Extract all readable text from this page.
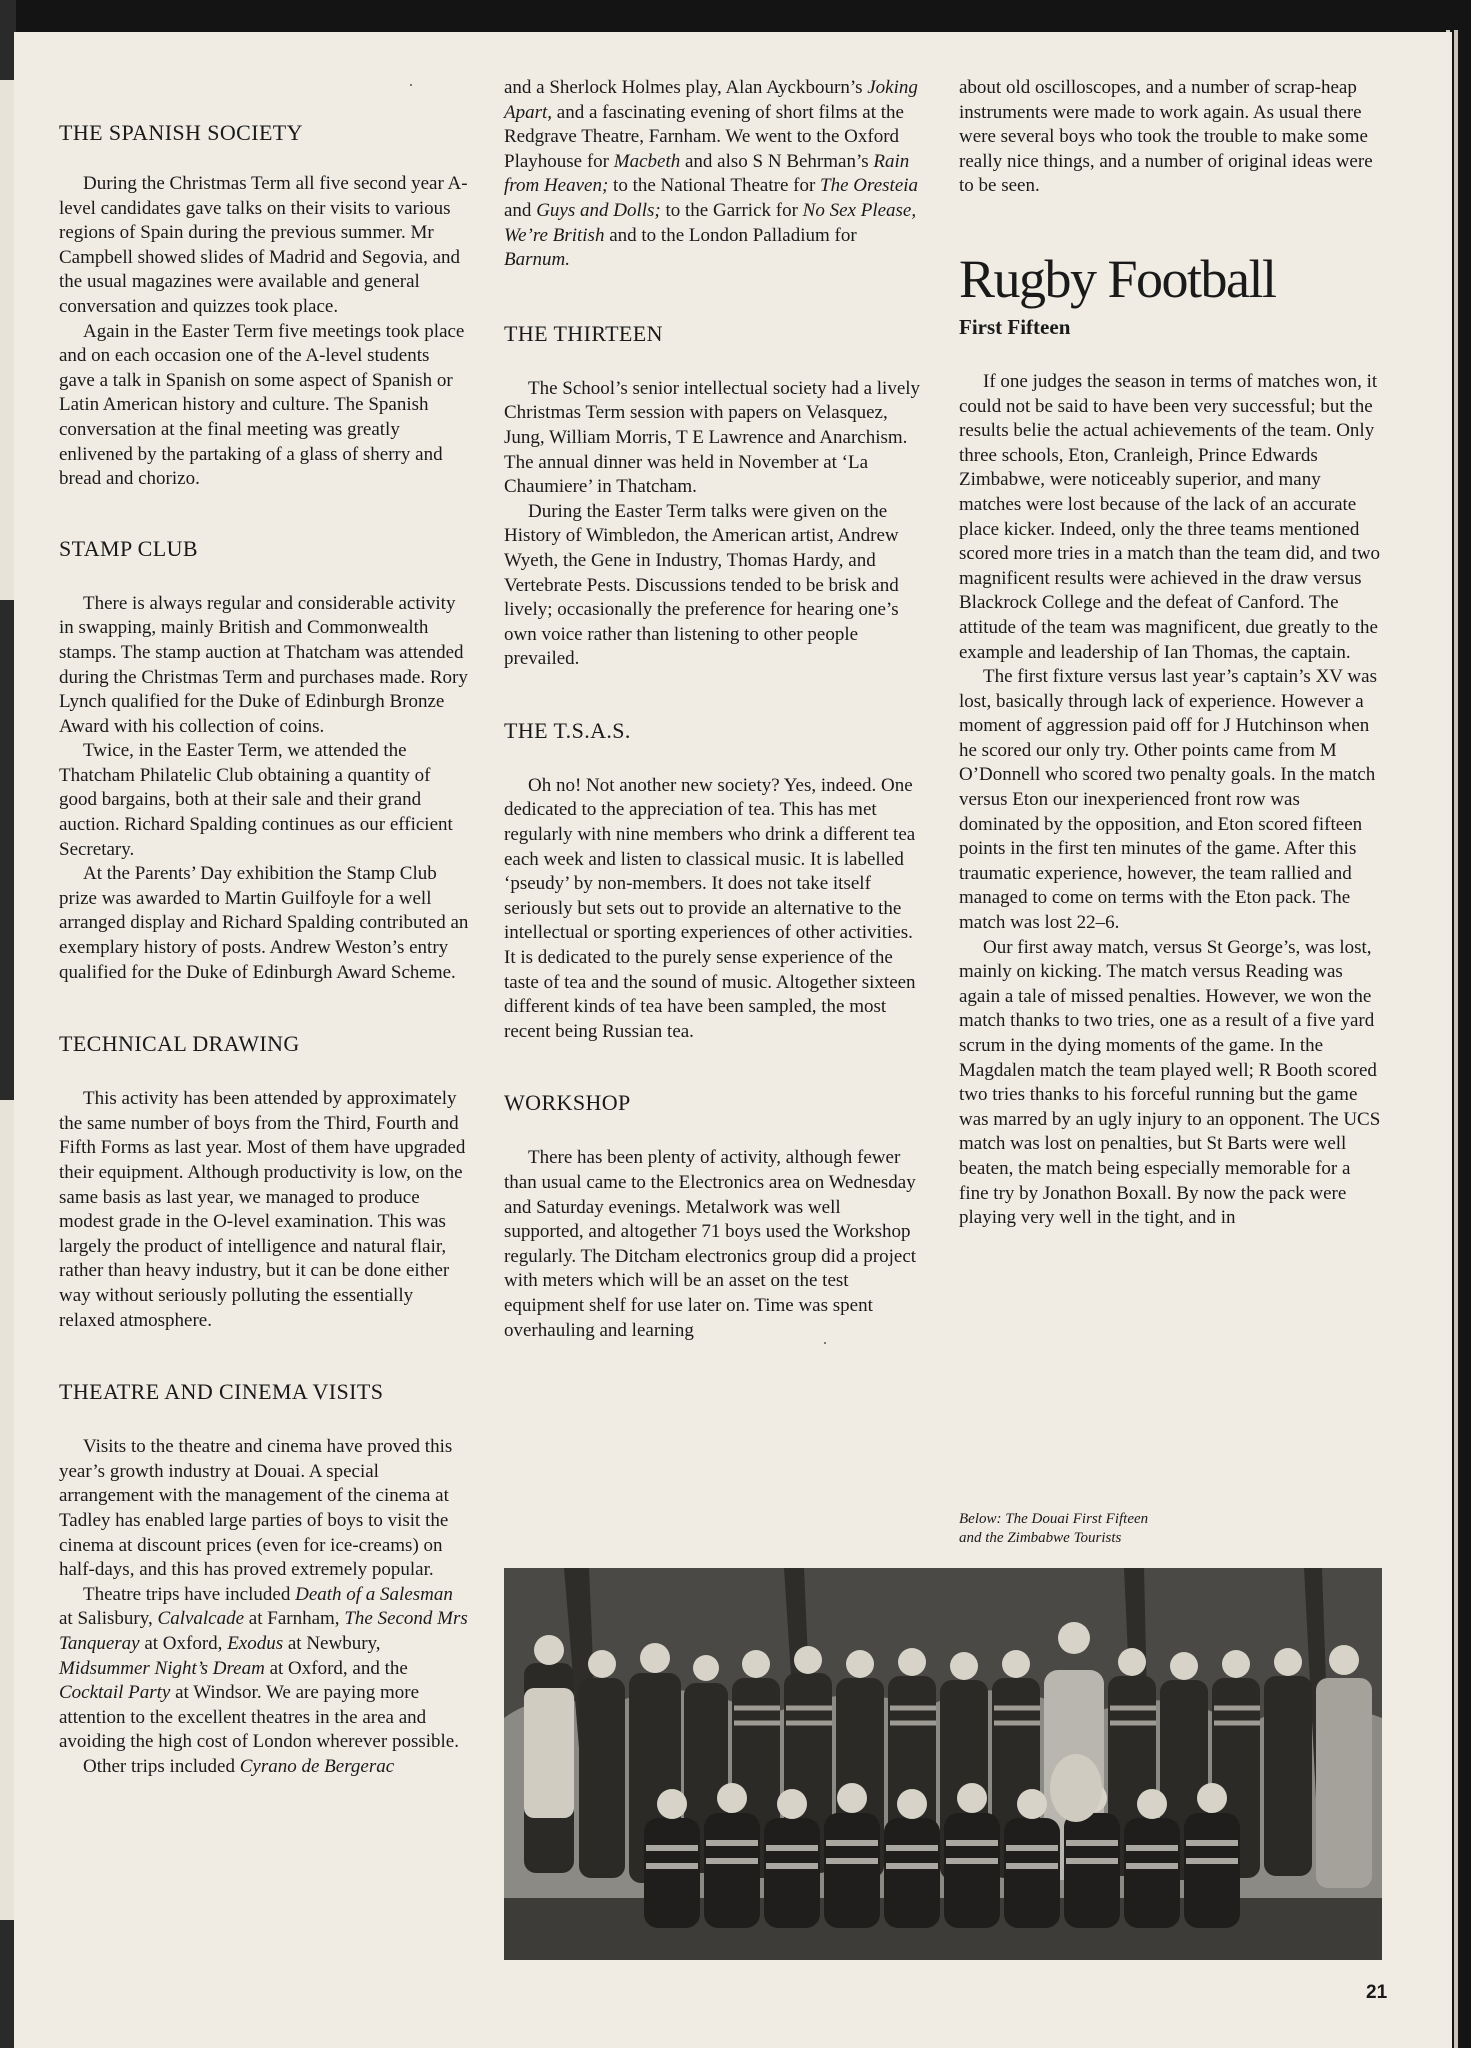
THE SPANISH SOCIETY

During the Christmas Term all five second year A-level candidates gave talks on their visits to various regions of Spain during the previous summer. Mr Campbell showed slides of Madrid and Segovia, and the usual magazines were available and general conversation and quizzes took place.

Again in the Easter Term five meetings took place and on each occasion one of the A-level students gave a talk in Spanish on some aspect of Spanish or Latin American history and culture. The Spanish conversation at the final meeting was greatly enlivened by the partaking of a glass of sherry and bread and chorizo.

STAMP CLUB

There is always regular and considerable activity in swapping, mainly British and Commonwealth stamps. The stamp auction at Thatcham was attended during the Christmas Term and purchases made. Rory Lynch qualified for the Duke of Edinburgh Bronze Award with his collection of coins.

Twice, in the Easter Term, we attended the Thatcham Philatelic Club obtaining a quantity of good bargains, both at their sale and their grand auction. Richard Spalding continues as our efficient Secretary.

At the Parents’ Day exhibition the Stamp Club prize was awarded to Martin Guilfoyle for a well arranged display and Richard Spalding contributed an exemplary history of posts. Andrew Weston’s entry qualified for the Duke of Edinburgh Award Scheme.

TECHNICAL DRAWING

This activity has been attended by approximately the same number of boys from the Third, Fourth and Fifth Forms as last year. Most of them have upgraded their equipment. Although productivity is low, on the same basis as last year, we managed to produce modest grade in the O-level examination. This was largely the product of intelligence and natural flair, rather than heavy industry, but it can be done either way without seriously polluting the essentially relaxed atmosphere.

THEATRE AND CINEMA VISITS

Visits to the theatre and cinema have proved this year’s growth industry at Douai. A special arrangement with the management of the cinema at Tadley has enabled large parties of boys to visit the cinema at discount prices (even for ice-creams) on half-days, and this has proved extremely popular.

Theatre trips have included Death of a Salesman at Salisbury, Calvalcade at Farnham, The Second Mrs Tanqueray at Oxford, Exodus at Newbury, Midsummer Night’s Dream at Oxford, and the Cocktail Party at Windsor. We are paying more attention to the excellent theatres in the area and avoiding the high cost of London wherever possible.

Other trips included Cyrano de Bergerac

and a Sherlock Holmes play, Alan Ayckbourn’s Joking Apart, and a fascinating evening of short films at the Redgrave Theatre, Farnham. We went to the Oxford Playhouse for Macbeth and also S N Behrman’s Rain from Heaven; to the National Theatre for The Oresteia and Guys and Dolls; to the Garrick for No Sex Please, We’re British and to the London Palladium for Barnum.

THE THIRTEEN

The School’s senior intellectual society had a lively Christmas Term session with papers on Velasquez, Jung, William Morris, T E Lawrence and Anarchism. The annual dinner was held in November at ‘La Chaumiere’ in Thatcham.

During the Easter Term talks were given on the History of Wimbledon, the American artist, Andrew Wyeth, the Gene in Industry, Thomas Hardy, and Vertebrate Pests. Discussions tended to be brisk and lively; occasionally the preference for hearing one’s own voice rather than listening to other people prevailed.

THE T.S.A.S.

Oh no! Not another new society? Yes, indeed. One dedicated to the appreciation of tea. This has met regularly with nine members who drink a different tea each week and listen to classical music. It is labelled ‘pseudy’ by non-members. It does not take itself seriously but sets out to provide an alternative to the intellectual or sporting experiences of other activities. It is dedicated to the purely sense experience of the taste of tea and the sound of music. Altogether sixteen different kinds of tea have been sampled, the most recent being Russian tea.

WORKSHOP

There has been plenty of activity, although fewer than usual came to the Electronics area on Wednesday and Saturday evenings. Metalwork was well supported, and altogether 71 boys used the Workshop regularly. The Ditcham electronics group did a project with meters which will be an asset on the test equipment shelf for use later on. Time was spent overhauling and learning

about old oscilloscopes, and a number of scrap-heap instruments were made to work again. As usual there were several boys who took the trouble to make some really nice things, and a number of original ideas were to be seen.

Rugby Football
First Fifteen

If one judges the season in terms of matches won, it could not be said to have been very successful; but the results belie the actual achievements of the team. Only three schools, Eton, Cranleigh, Prince Edwards Zimbabwe, were noticeably superior, and many matches were lost because of the lack of an accurate place kicker. Indeed, only the three teams mentioned scored more tries in a match than the team did, and two magnificent results were achieved in the draw versus Blackrock College and the defeat of Canford. The attitude of the team was magnificent, due greatly to the example and leadership of Ian Thomas, the captain.

The first fixture versus last year’s captain’s XV was lost, basically through lack of experience. However a moment of aggression paid off for J Hutchinson when he scored our only try. Other points came from M O’Donnell who scored two penalty goals. In the match versus Eton our inexperienced front row was dominated by the opposition, and Eton scored fifteen points in the first ten minutes of the game. After this traumatic experience, however, the team rallied and managed to come on terms with the Eton pack. The match was lost 22–6.

Our first away match, versus St George’s, was lost, mainly on kicking. The match versus Reading was again a tale of missed penalties. However, we won the match thanks to two tries, one as a result of a five yard scrum in the dying moments of the game. In the Magdalen match the team played well; R Booth scored two tries thanks to his forceful running but the game was marred by an ugly injury to an opponent. The UCS match was lost on penalties, but St Barts were well beaten, the match being especially memorable for a fine try by Jonathon Boxall. By now the pack were playing very well in the tight, and in

Below: The Douai First Fifteen
and the Zimbabwe Tourists
21
